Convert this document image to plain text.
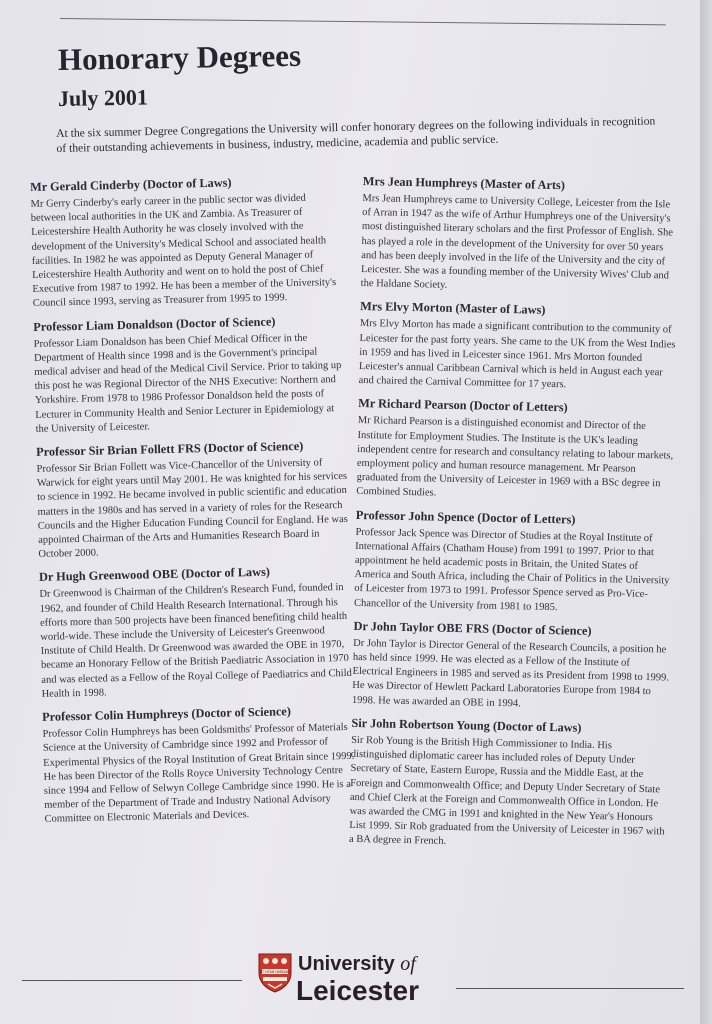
Honorary Degrees
July 2001

At the six summer Degree Congregations the University will confer honorary degrees on the following individuals in recognition of their outstanding achievements in business, industry, medicine, academia and public service.

Mr Gerald Cinderby (Doctor of Laws)

Mr Gerry Cinderby's early career in the public sector was divided between local authorities in the UK and Zambia. As Treasurer of Leicestershire Health Authority he was closely involved with the development of the University's Medical School and associated health facilities. In 1982 he was appointed as Deputy General Manager of Leicestershire Health Authority and went on to hold the post of Chief Executive from 1987 to 1992. He has been a member of the University's Council since 1993, serving as Treasurer from 1995 to 1999.

Professor Liam Donaldson (Doctor of Science)

Professor Liam Donaldson has been Chief Medical Officer in the Department of Health since 1998 and is the Government's principal medical adviser and head of the Medical Civil Service. Prior to taking up this post he was Regional Director of the NHS Executive: Northern and Yorkshire. From 1978 to 1986 Professor Donaldson held the posts of Lecturer in Community Health and Senior Lecturer in Epidemiology at the University of Leicester.

Professor Sir Brian Follett FRS (Doctor of Science)

Professor Sir Brian Follett was Vice-Chancellor of the University of Warwick for eight years until May 2001. He was knighted for his services to science in 1992. He became involved in public scientific and education matters in the 1980s and has served in a variety of roles for the Research Councils and the Higher Education Funding Council for England. He was appointed Chairman of the Arts and Humanities Research Board in October 2000.

Dr Hugh Greenwood OBE (Doctor of Laws)

Dr Greenwood is Chairman of the Children's Research Fund, founded in 1962, and founder of Child Health Research International. Through his efforts more than 500 projects have been financed benefiting child health world-wide. These include the University of Leicester's Greenwood Institute of Child Health. Dr Greenwood was awarded the OBE in 1970, became an Honorary Fellow of the British Paediatric Association in 1970 and was elected as a Fellow of the Royal College of Paediatrics and Child Health in 1998.

Professor Colin Humphreys (Doctor of Science)

Professor Colin Humphreys has been Goldsmiths' Professor of Materials Science at the University of Cambridge since 1992 and Professor of Experimental Physics of the Royal Institution of Great Britain since 1999. He has been Director of the Rolls Royce University Technology Centre since 1994 and Fellow of Selwyn College Cambridge since 1990. He is a member of the Department of Trade and Industry National Advisory Committee on Electronic Materials and Devices.

Mrs Jean Humphreys (Master of Arts)

Mrs Jean Humphreys came to University College, Leicester from the Isle of Arran in 1947 as the wife of Arthur Humphreys one of the University's most distinguished literary scholars and the first Professor of English. She has played a role in the development of the University for over 50 years and has been deeply involved in the life of the University and the city of Leicester. She was a founding member of the University Wives' Club and the Haldane Society.

Mrs Elvy Morton (Master of Laws)

Mrs Elvy Morton has made a significant contribution to the community of Leicester for the past forty years. She came to the UK from the West Indies in 1959 and has lived in Leicester since 1961. Mrs Morton founded Leicester's annual Caribbean Carnival which is held in August each year and chaired the Carnival Committee for 17 years.

Mr Richard Pearson (Doctor of Letters)

Mr Richard Pearson is a distinguished economist and Director of the Institute for Employment Studies. The Institute is the UK's leading independent centre for research and consultancy relating to labour markets, employment policy and human resource management. Mr Pearson graduated from the University of Leicester in 1969 with a BSc degree in Combined Studies.

Professor John Spence (Doctor of Letters)

Professor Jack Spence was Director of Studies at the Royal Institute of International Affairs (Chatham House) from 1991 to 1997. Prior to that appointment he held academic posts in Britain, the United States of America and South Africa, including the Chair of Politics in the University of Leicester from 1973 to 1991. Professor Spence served as Pro-Vice-Chancellor of the University from 1981 to 1985.

Dr John Taylor OBE FRS (Doctor of Science)

Dr John Taylor is Director General of the Research Councils, a position he has held since 1999. He was elected as a Fellow of the Institute of Electrical Engineers in 1985 and served as its President from 1998 to 1999. He was Director of Hewlett Packard Laboratories Europe from 1984 to 1998. He was awarded an OBE in 1994.

Sir John Robertson Young (Doctor of Laws)

Sir Rob Young is the British High Commissioner to India. His distinguished diplomatic career has included roles of Deputy Under Secretary of State, Eastern Europe, Russia and the Middle East, at the Foreign and Commonwealth Office; and Deputy Under Secretary of State and Chief Clerk at the Foreign and Commonwealth Office in London. He was awarded the CMG in 1991 and knighted in the New Year's Honours List 1999. Sir Rob graduated from the University of Leicester in 1967 with a BA degree in French.

UT VITAM HABEANT University of
Leicester
